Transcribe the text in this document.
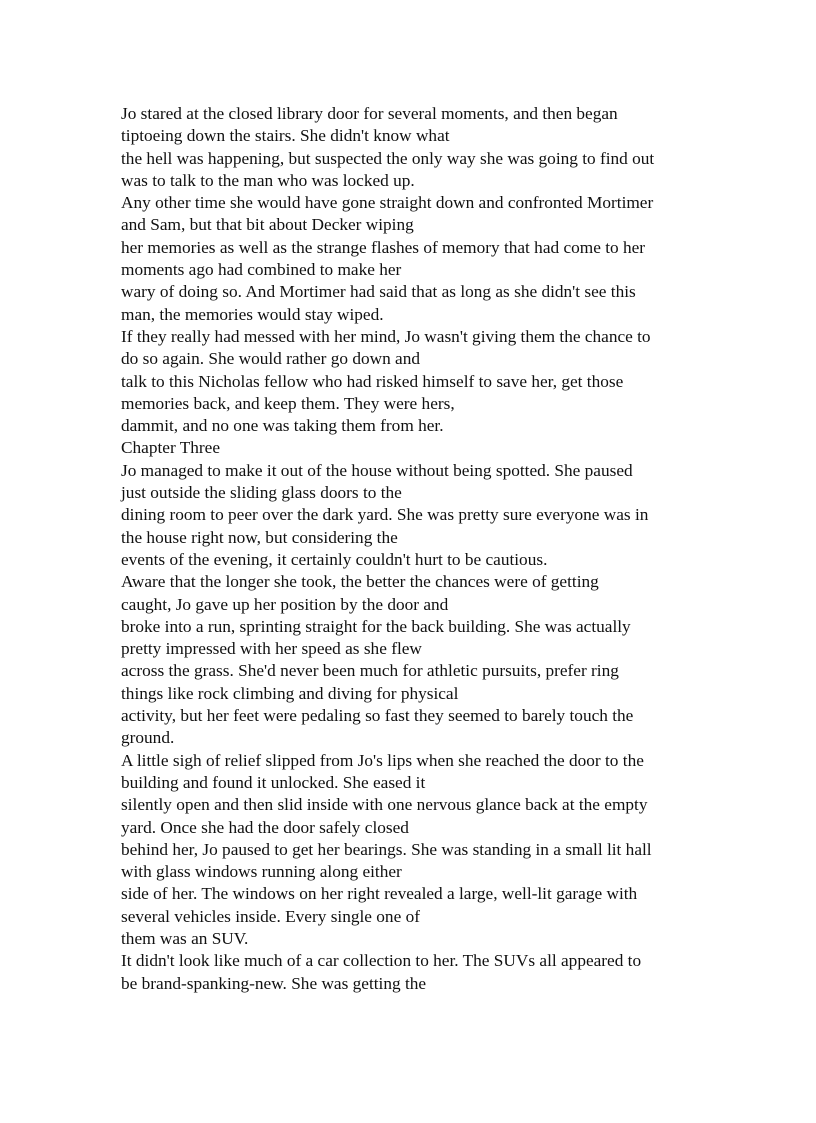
Jo stared at the closed library door for several moments, and then began
tiptoeing down the stairs. She didn't know what
the hell was happening, but suspected the only way she was going to find out
was to talk to the man who was locked up.
Any other time she would have gone straight down and confronted Mortimer
and Sam, but that bit about Decker wiping
her memories as well as the strange flashes of memory that had come to her
moments ago had combined to make her
wary of doing so. And Mortimer had said that as long as she didn't see this
man, the memories would stay wiped.
If they really had messed with her mind, Jo wasn't giving them the chance to
do so again. She would rather go down and
talk to this Nicholas fellow who had risked himself to save her, get those
memories back, and keep them. They were hers,
dammit, and no one was taking them from her.
Chapter Three
Jo managed to make it out of the house without being spotted. She paused
just outside the sliding glass doors to the
dining room to peer over the dark yard. She was pretty sure everyone was in
the house right now, but considering the
events of the evening, it certainly couldn't hurt to be cautious.
Aware that the longer she took, the better the chances were of getting
caught, Jo gave up her position by the door and
broke into a run, sprinting straight for the back building. She was actually
pretty impressed with her speed as she flew
across the grass. She'd never been much for athletic pursuits, prefer ring
things like rock climbing and diving for physical
activity, but her feet were pedaling so fast they seemed to barely touch the
ground.
A little sigh of relief slipped from Jo's lips when she reached the door to the
building and found it unlocked. She eased it
silently open and then slid inside with one nervous glance back at the empty
yard. Once she had the door safely closed
behind her, Jo paused to get her bearings. She was standing in a small lit hall
with glass windows running along either
side of her. The windows on her right revealed a large, well-lit garage with
several vehicles inside. Every single one of
them was an SUV.
It didn't look like much of a car collection to her. The SUVs all appeared to
be brand-spanking-new. She was getting the
